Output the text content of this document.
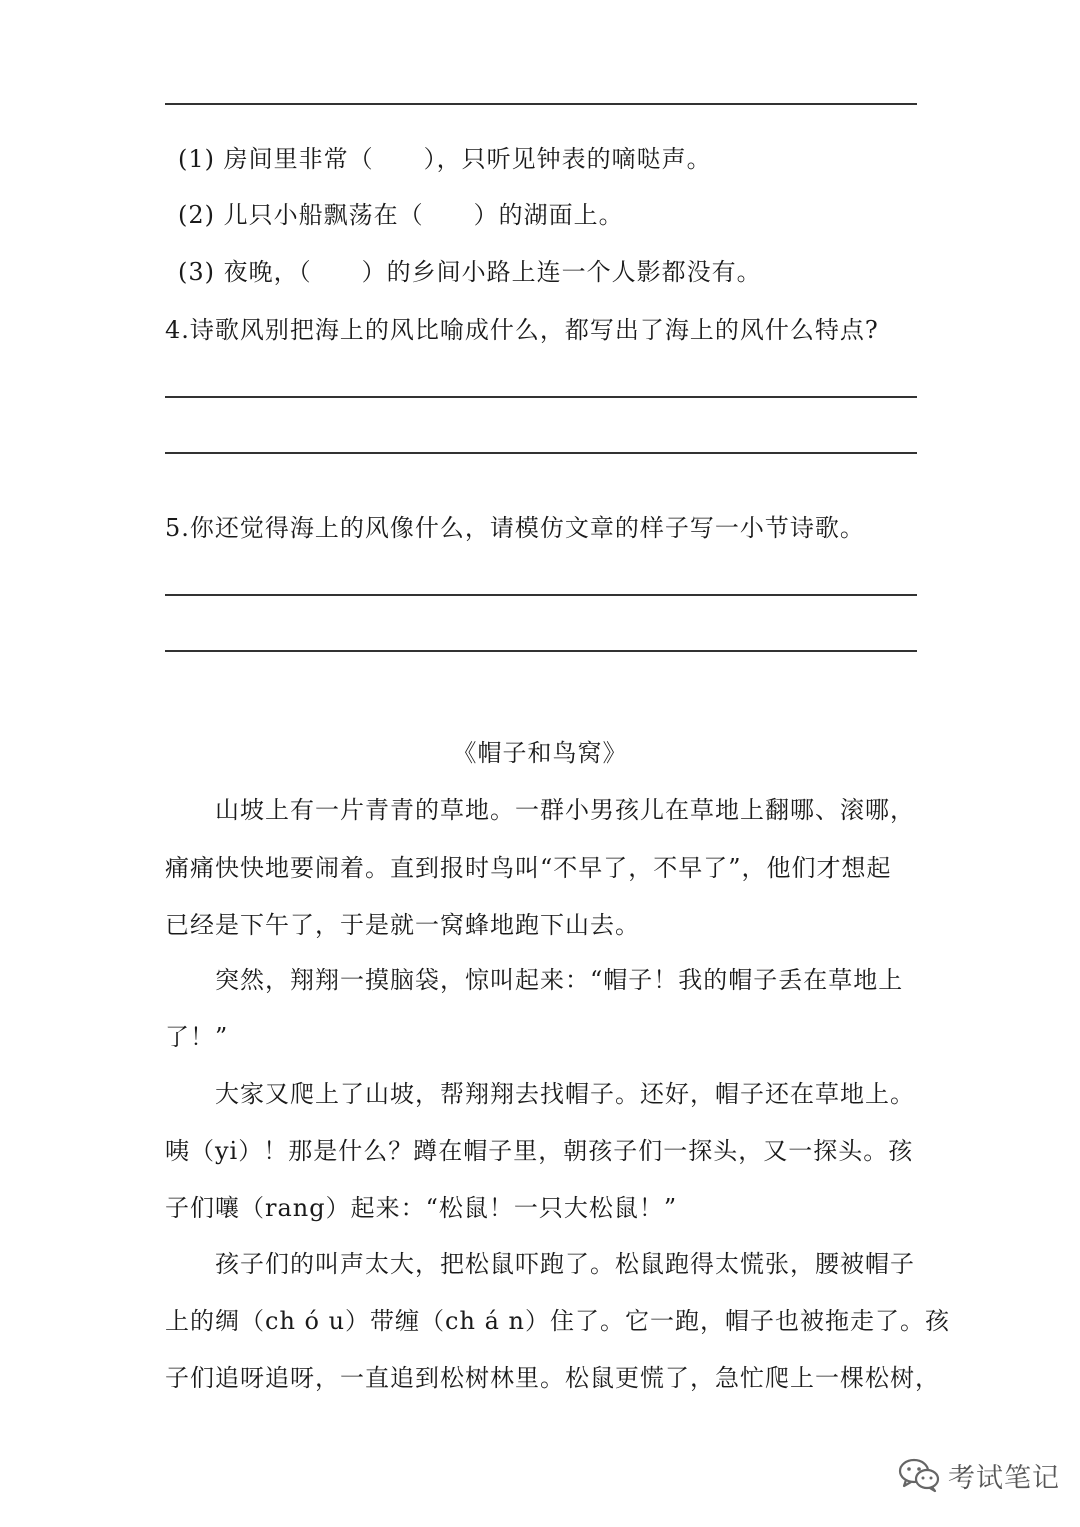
(1) 房间里非常（　　），只听见钟表的嘀哒声。
(2) 儿只小船飘荡在（　　）的湖面上。
(3) 夜晚，（　　）的乡间小路上连一个人影都没有。
4.诗歌风别把海上的风比喻成什么，都写出了海上的风什么特点?
5.你还觉得海上的风像什么，请模仿文章的样子写一小节诗歌。
《帽子和鸟窝》
山坡上有一片青青的草地。一群小男孩儿在草地上翻哪、滚哪，
痛痛快快地要闹着。直到报时鸟叫“不早了，不早了”，他们才想起
已经是下午了，于是就一窝蜂地跑下山去。
突然，翔翔一摸脑袋，惊叫起来：“帽子！我的帽子丢在草地上
了！”
大家又爬上了山坡，帮翔翔去找帽子。还好，帽子还在草地上。
咦（yi）！那是什么？蹲在帽子里，朝孩子们一探头，又一探头。孩
子们嚷（rang）起来：“松鼠！一只大松鼠！”
孩子们的叫声太大，把松鼠吓跑了。松鼠跑得太慌张，腰被帽子
上的绸（ch ó u）带缠（ch á n）住了。它一跑，帽子也被拖走了。孩
子们追呀追呀，一直追到松树林里。松鼠更慌了，急忙爬上一棵松树，
考试笔记
